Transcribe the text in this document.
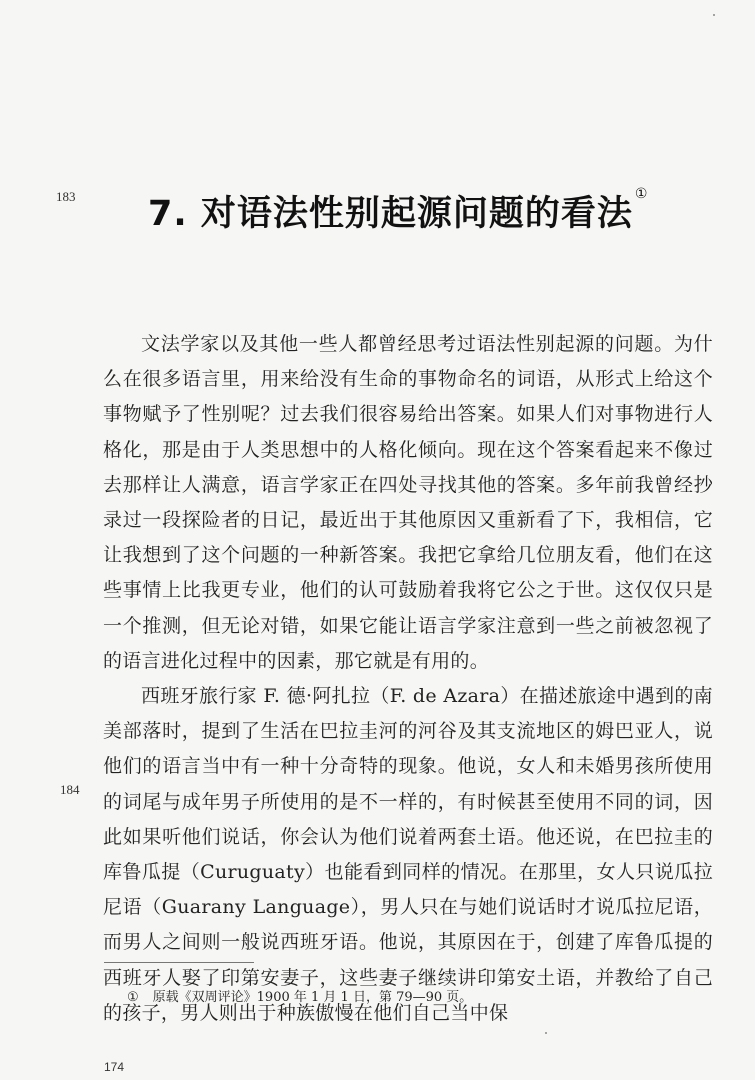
183
184
7. 对语法性别起源问题的看法 ①

文法学家以及其他一些人都曾经思考过语法性别起源的问题。为什么在很多语言里，用来给没有生命的事物命名的词语，从形式上给这个事物赋予了性别呢？过去我们很容易给出答案。如果人们对事物进行人格化，那是由于人类思想中的人格化倾向。现在这个答案看起来不像过去那样让人满意，语言学家正在四处寻找其他的答案。多年前我曾经抄录过一段探险者的日记，最近出于其他原因又重新看了下，我相信，它让我想到了这个问题的一种新答案。我把它拿给几位朋友看，他们在这些事情上比我更专业，他们的认可鼓励着我将它公之于世。这仅仅只是一个推测，但无论对错，如果它能让语言学家注意到一些之前被忽视了的语言进化过程中的因素，那它就是有用的。

西班牙旅行家 F. 德·阿扎拉（F. de Azara）在描述旅途中遇到的南美部落时，提到了生活在巴拉圭河的河谷及其支流地区的姆巴亚人，说他们的语言当中有一种十分奇特的现象。他说，女人和未婚男孩所使用的词尾与成年男子所使用的是不一样的，有时候甚至使用不同的词，因此如果听他们说话，你会认为他们说着两套土语。他还说，在巴拉圭的库鲁瓜提（Curuguaty）也能看到同样的情况。在那里，女人只说瓜拉尼语（Guarany Language），男人只在与她们说话时才说瓜拉尼语，而男人之间则一般说西班牙语。他说，其原因在于，创建了库鲁瓜提的西班牙人娶了印第安妻子，这些妻子继续讲印第安土语，并教给了自己的孩子，男人则出于种族傲慢在他们自己当中保

① 原载《双周评论》1900 年 1 月 1 日，第 79—90 页。
174
